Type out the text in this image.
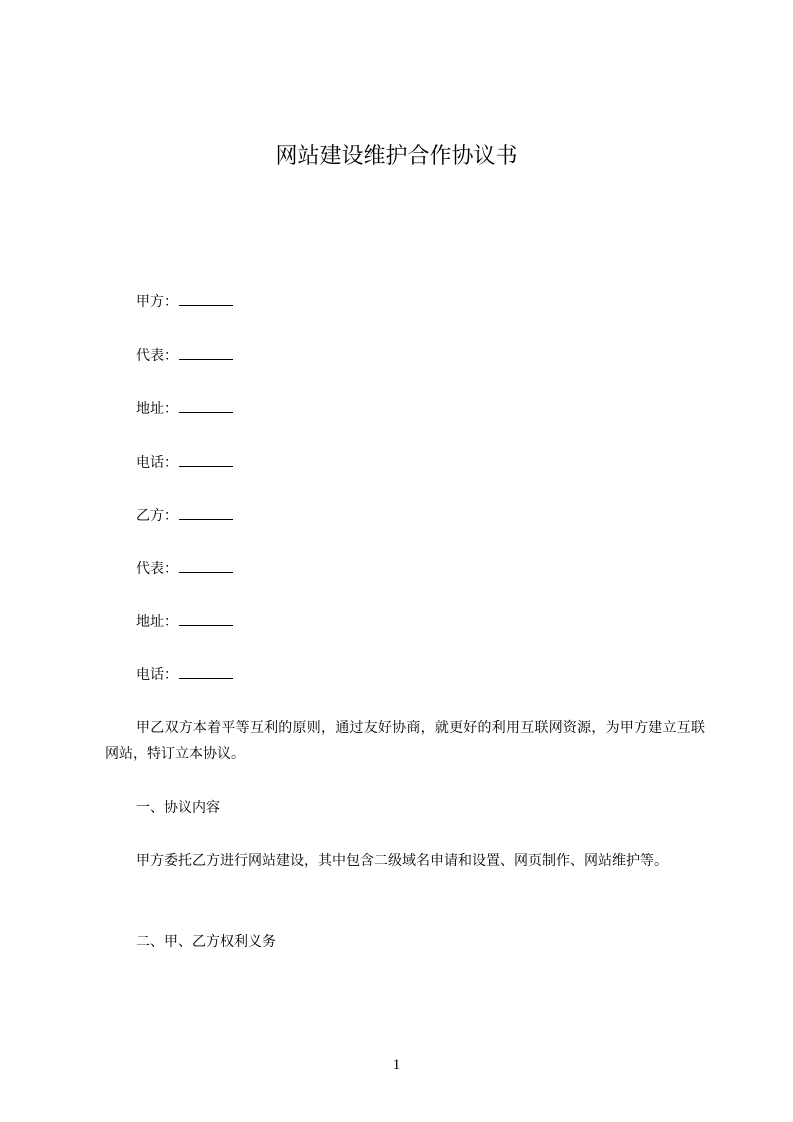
网站建设维护合作协议书
甲方：
代表：
地址：
电话：
乙方：
代表：
地址：
电话：

甲乙双方本着平等互利的原则，通过友好协商，就更好的利用互联网资源，为甲方建立互联网站，特订立本协议。

一、协议内容

甲方委托乙方进行网站建设，其中包含二级域名申请和设置、网页制作、网站维护等。

二、甲、乙方权利义务

1
